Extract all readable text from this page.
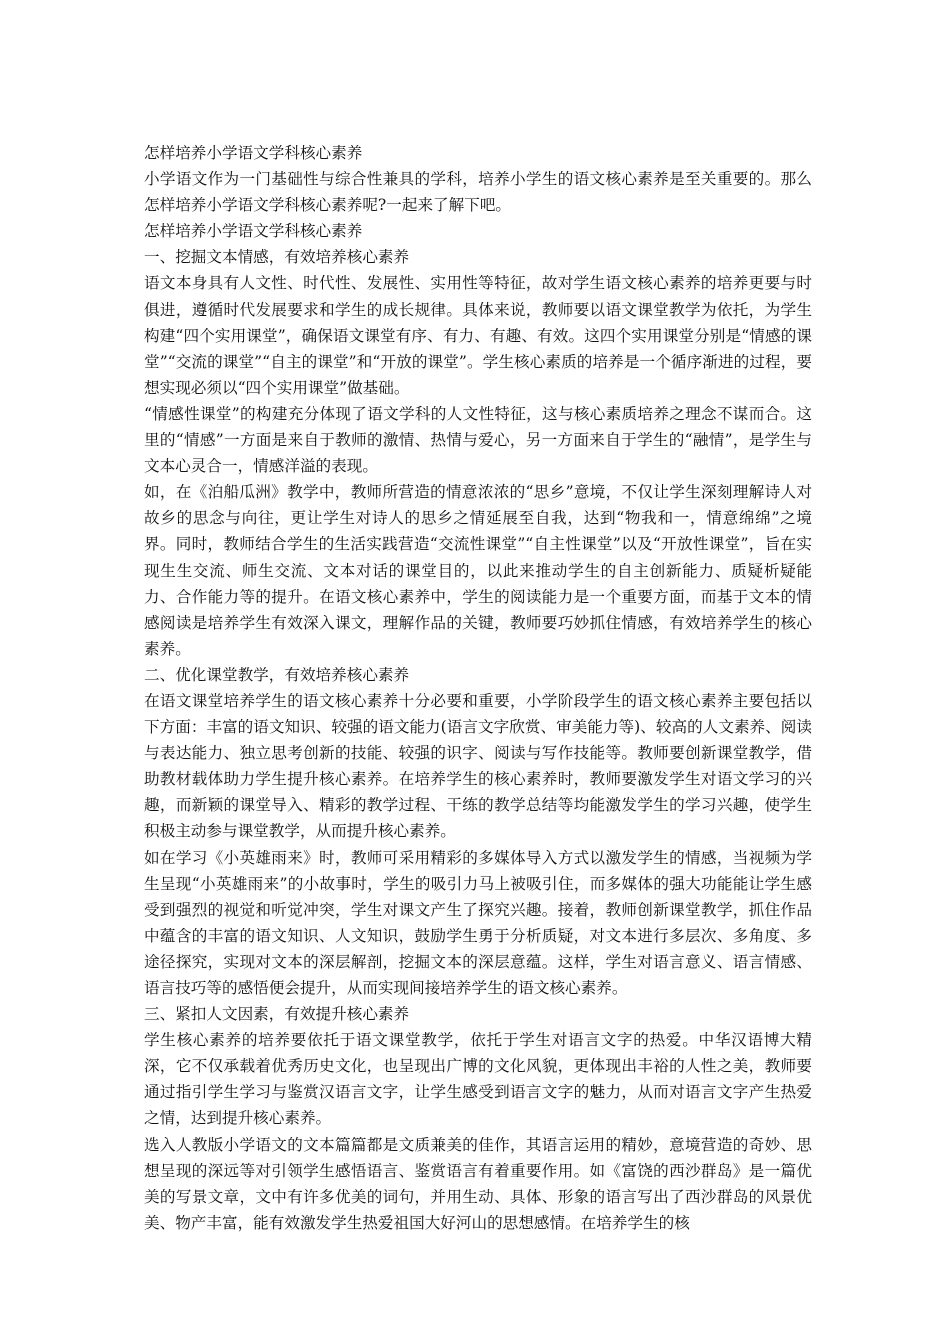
怎样培养小学语文学科核心素养

小学语文作为一门基础性与综合性兼具的学科，培养小学生的语文核心素养是至关重要的。那么怎样培养小学语文学科核心素养呢?一起来了解下吧。

怎样培养小学语文学科核心素养

一、挖掘文本情感，有效培养核心素养

语文本身具有人文性、时代性、发展性、实用性等特征，故对学生语文核心素养的培养更要与时俱进，遵循时代发展要求和学生的成长规律。具体来说，教师要以语文课堂教学为依托，为学生构建“四个实用课堂”，确保语文课堂有序、有力、有趣、有效。这四个实用课堂分别是“情感的课堂”“交流的课堂”“自主的课堂”和“开放的课堂”。学生核心素质的培养是一个循序渐进的过程，要想实现必须以“四个实用课堂”做基础。

“情感性课堂”的构建充分体现了语文学科的人文性特征，这与核心素质培养之理念不谋而合。这里的“情感”一方面是来自于教师的激情、热情与爱心，另一方面来自于学生的“融情”，是学生与文本心灵合一，情感洋溢的表现。

如，在《泊船瓜洲》教学中，教师所营造的情意浓浓的“思乡”意境，不仅让学生深刻理解诗人对故乡的思念与向往，更让学生对诗人的思乡之情延展至自我，达到“物我和一，情意绵绵”之境界。同时，教师结合学生的生活实践营造“交流性课堂”“自主性课堂”以及“开放性课堂”，旨在实现生生交流、师生交流、文本对话的课堂目的，以此来推动学生的自主创新能力、质疑析疑能力、合作能力等的提升。在语文核心素养中，学生的阅读能力是一个重要方面，而基于文本的情感阅读是培养学生有效深入课文，理解作品的关键，教师要巧妙抓住情感，有效培养学生的核心素养。

二、优化课堂教学，有效培养核心素养

在语文课堂培养学生的语文核心素养十分必要和重要，小学阶段学生的语文核心素养主要包括以下方面：丰富的语文知识、较强的语文能力(语言文字欣赏、审美能力等)、较高的人文素养、阅读与表达能力、独立思考创新的技能、较强的识字、阅读与写作技能等。教师要创新课堂教学，借助教材载体助力学生提升核心素养。在培养学生的核心素养时，教师要激发学生对语文学习的兴趣，而新颖的课堂导入、精彩的教学过程、干练的教学总结等均能激发学生的学习兴趣，使学生积极主动参与课堂教学，从而提升核心素养。

如在学习《小英雄雨来》时，教师可采用精彩的多媒体导入方式以激发学生的情感，当视频为学生呈现“小英雄雨来”的小故事时，学生的吸引力马上被吸引住，而多媒体的强大功能能让学生感受到强烈的视觉和听觉冲突，学生对课文产生了探究兴趣。接着，教师创新课堂教学，抓住作品中蕴含的丰富的语文知识、人文知识，鼓励学生勇于分析质疑，对文本进行多层次、多角度、多途径探究，实现对文本的深层解剖，挖掘文本的深层意蕴。这样，学生对语言意义、语言情感、语言技巧等的感悟便会提升，从而实现间接培养学生的语文核心素养。

三、紧扣人文因素，有效提升核心素养

学生核心素养的培养要依托于语文课堂教学，依托于学生对语言文字的热爱。中华汉语博大精深，它不仅承载着优秀历史文化，也呈现出广博的文化风貌，更体现出丰裕的人性之美，教师要通过指引学生学习与鉴赏汉语言文字，让学生感受到语言文字的魅力，从而对语言文字产生热爱之情，达到提升核心素养。

选入人教版小学语文的文本篇篇都是文质兼美的佳作，其语言运用的精妙，意境营造的奇妙、思想呈现的深远等对引领学生感悟语言、鉴赏语言有着重要作用。如《富饶的西沙群岛》是一篇优美的写景文章，文中有许多优美的词句，并用生动、具体、形象的语言写出了西沙群岛的风景优美、物产丰富，能有效激发学生热爱祖国大好河山的思想感情。在培养学生的核
